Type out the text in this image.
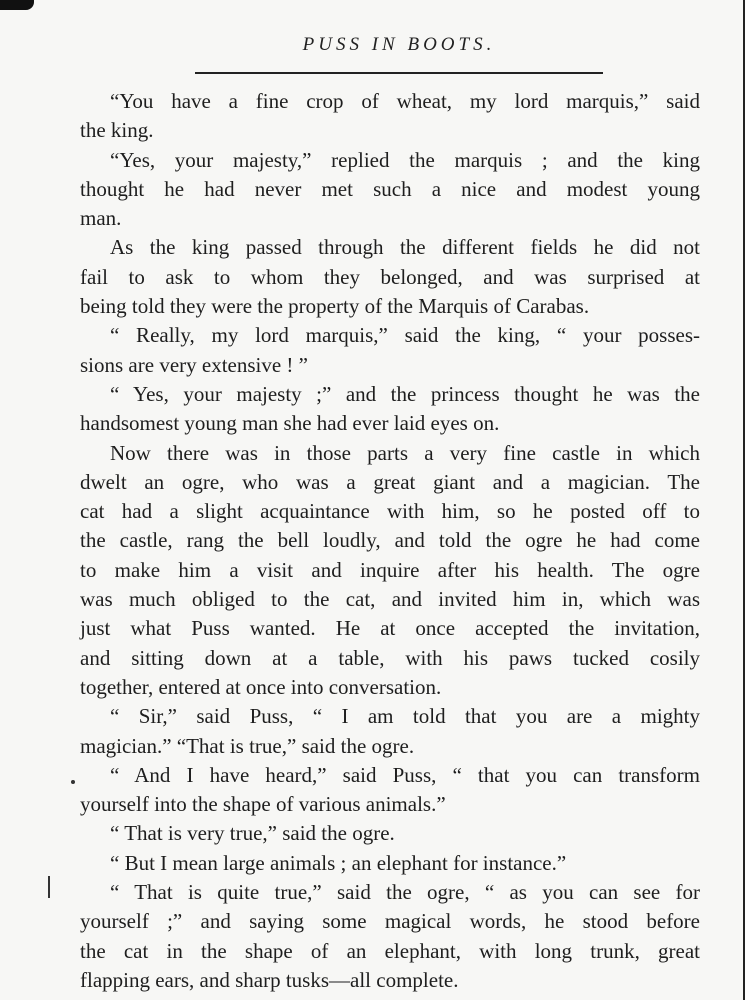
PUSS IN BOOTS.
“You have a fine crop of wheat, my lord marquis,” said
the king.
“Yes, your majesty,” replied the marquis ; and the king
thought he had never met such a nice and modest young
man.
As the king passed through the different fields he did not
fail to ask to whom they belonged, and was surprised at
being told they were the property of the Marquis of Carabas.
“ Really, my lord marquis,” said the king, “ your posses-
sions are very extensive ! ”
“ Yes, your majesty ;” and the princess thought he was the
handsomest young man she had ever laid eyes on.
Now there was in those parts a very fine castle in which
dwelt an ogre, who was a great giant and a magician. The
cat had a slight acquaintance with him, so he posted off to
the castle, rang the bell loudly, and told the ogre he had come
to make him a visit and inquire after his health. The ogre
was much obliged to the cat, and invited him in, which was
just what Puss wanted. He at once accepted the invitation,
and sitting down at a table, with his paws tucked cosily
together, entered at once into conversation.
“ Sir,” said Puss, “ I am told that you are a mighty
magician.” “That is true,” said the ogre.
“ And I have heard,” said Puss, “ that you can transform
yourself into the shape of various animals.”
“ That is very true,” said the ogre.
“ But I mean large animals ; an elephant for instance.”
“ That is quite true,” said the ogre, “ as you can see for
yourself ;” and saying some magical words, he stood before
the cat in the shape of an elephant, with long trunk, great
flapping ears, and sharp tusks—all complete.
